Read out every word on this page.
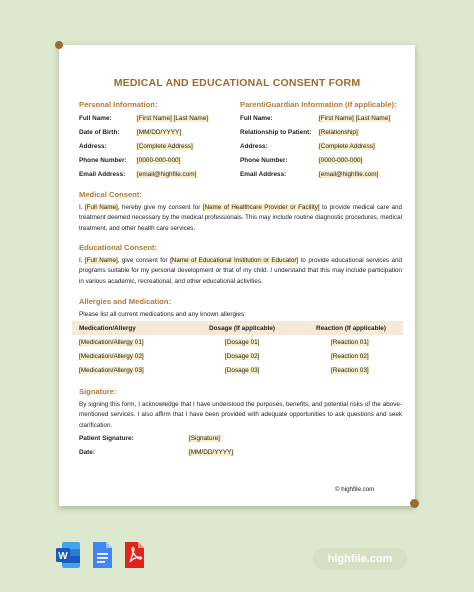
MEDICAL AND EDUCATIONAL CONSENT FORM
Personal Information:
Full Name:	[First Name] [Last Name]
Date of Birth:	[MM/DD/YYYY]
Address:	[Complete Address]
Phone Number: [0000-000-000]
Email Address: [email@highfile.com]
Parent/Guardian Information (If applicable):
Full Name:	[First Name] [Last Name]
Relationship to Patient: [Relationship]
Address:	[Complete Address]
Phone Number:	[0000-000-000]
Email Address:	[email@highfile.com]
Medical Consent:
I, [Full Name], hereby give my consent for [Name of Healthcare Provider or Facility] to provide medical care and treatment deemed necessary by the medical professionals. This may include routine diagnostic procedures, medical treatment, and other health care services.
Educational Consent:
I, [Full Name], give consent for [Name of Educational Institution or Educator] to provide educational services and programs suitable for my personal development or that of my child. I understand that this may include participation in various academic, recreational, and other educational activities.
Allergies and Medication:
Please list all current medications and any known allergies:
Medication/Allergy	Dosage (If applicable)	Reaction (If applicable)
[Medication/Allergy 01]	[Dosage 01]	[Reaction 01]
[Medication/Allergy 02]	[Dosage 02]	[Reaction 02]
[Medication/Allergy 03]	[Dosage 03]	[Reaction 03]
Signature:
By signing this form, I acknowledge that I have understood the purposes, benefits, and potential risks of the above-mentioned services. I also affirm that I have been provided with adequate opportunities to ask questions and seek clarification.
Patient Signature:	[Signature]
Date:	[MM/DD/YYYY]
© highfile.com
W	highfile.com
